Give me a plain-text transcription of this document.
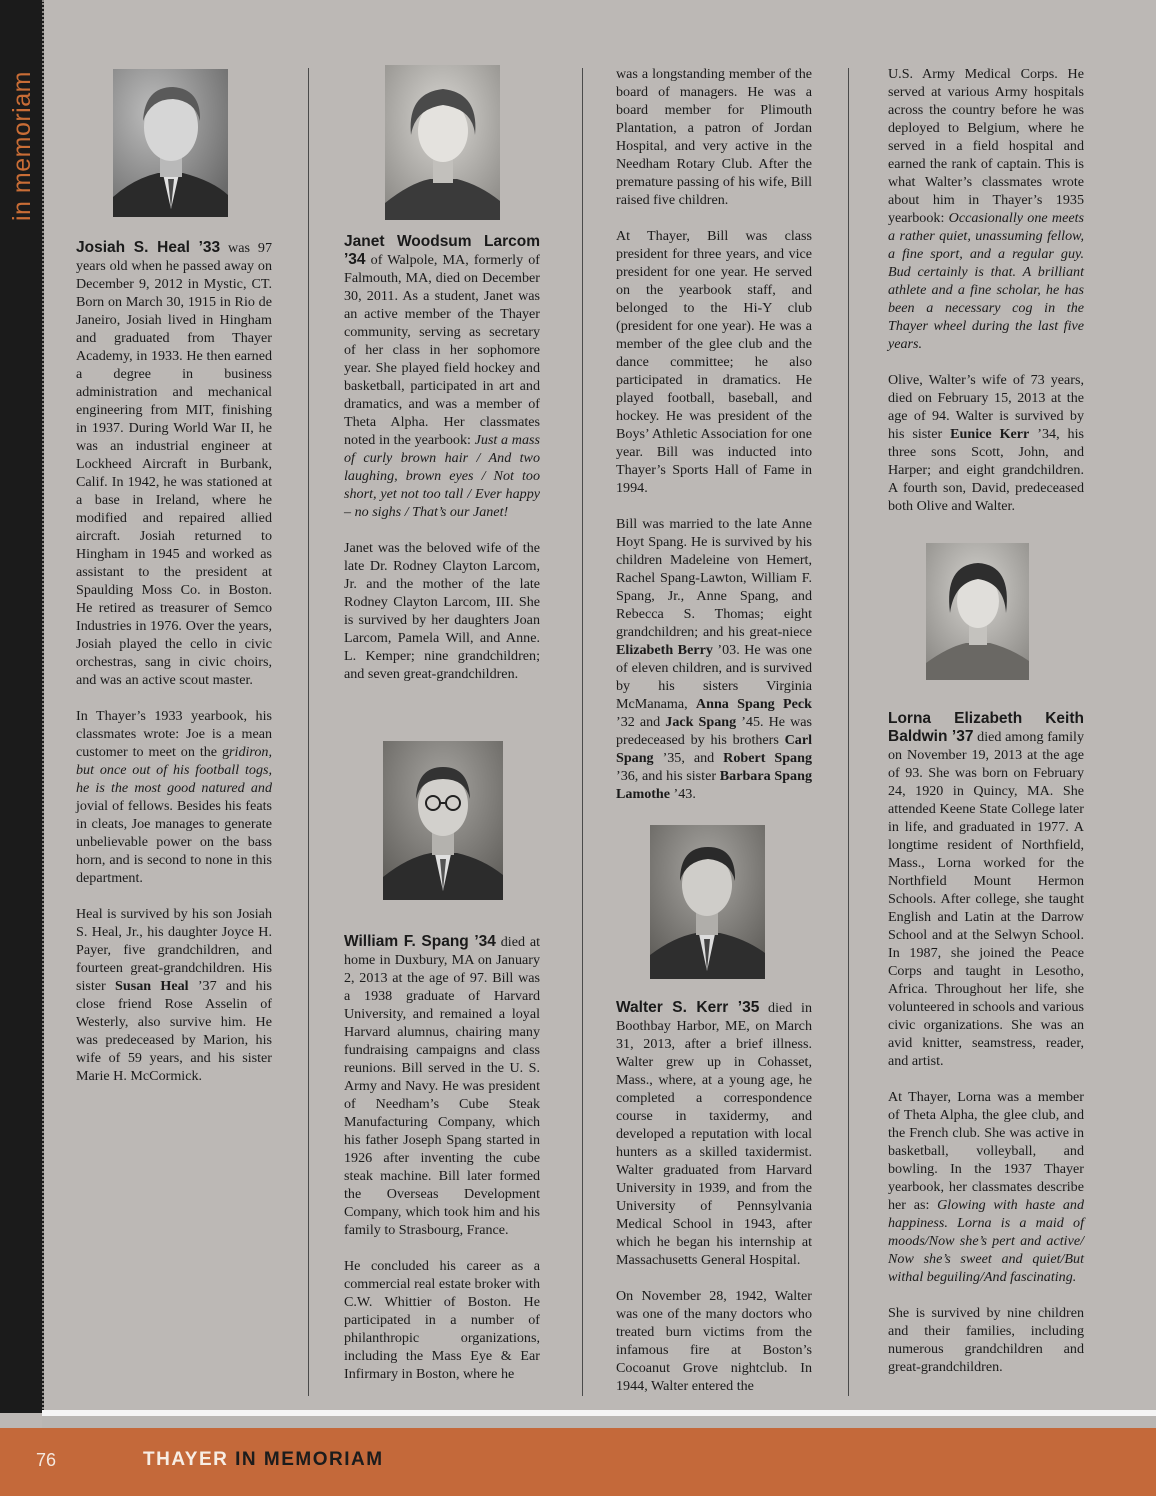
in memoriam

Josiah S. Heal ’33 was 97 years old when he passed away on December 9, 2012 in Mystic, CT. Born on March 30, 1915 in Rio de Janeiro, Josiah lived in Hingham and graduated from Thayer Academy, in 1933. He then earned a degree in business administration and mechanical engineering from MIT, finishing in 1937. During World War II, he was an industrial engineer at Lockheed Aircraft in Burbank, Calif. In 1942, he was stationed at a base in Ireland, where he modified and repaired allied aircraft. Josiah returned to Hingham in 1945 and worked as assistant to the president at Spaulding Moss Co. in Boston. He retired as treasurer of Semco Industries in 1976. Over the years, Josiah played the cello in civic orchestras, sang in civic choirs, and was an active scout master.

In Thayer’s 1933 yearbook, his classmates wrote: Joe is a mean customer to meet on the gridiron, but once out of his football togs, he is the most good natured and jovial of fellows. Besides his feats in cleats, Joe manages to generate unbelievable power on the bass horn, and is second to none in this department.

Heal is survived by his son Josiah S. Heal, Jr., his daughter Joyce H. Payer, five grandchildren, and fourteen great-grandchildren. His sister Susan Heal ’37 and his close friend Rose Asselin of Westerly, also survive him. He was predeceased by Marion, his wife of 59 years, and his sister Marie H. McCormick.

Janet Woodsum Larcom ’34 of Walpole, MA, formerly of Falmouth, MA, died on December 30, 2011. As a student, Janet was an active member of the Thayer community, serving as secretary of her class in her sophomore year. She played field hockey and basketball, participated in art and dramatics, and was a member of Theta Alpha. Her classmates noted in the yearbook: Just a mass of curly brown hair / And two laughing, brown eyes / Not too short, yet not too tall / Ever happy – no sighs / That’s our Janet!

Janet was the beloved wife of the late Dr. Rodney Clayton Larcom, Jr. and the mother of the late Rodney Clayton Larcom, III. She is survived by her daughters Joan Larcom, Pamela Will, and Anne. L. Kemper; nine grandchildren; and seven great-grandchildren.

William F. Spang ’34 died at home in Duxbury, MA on January 2, 2013 at the age of 97. Bill was a 1938 graduate of Harvard University, and remained a loyal Harvard alumnus, chairing many fundraising campaigns and class reunions. Bill served in the U. S. Army and Navy. He was president of Needham’s Cube Steak Manufacturing Company, which his father Joseph Spang started in 1926 after inventing the cube steak machine. Bill later formed the Overseas Development Company, which took him and his family to Strasbourg, France.

He concluded his career as a commercial real estate broker with C.W. Whittier of Boston. He participated in a number of philanthropic organizations, including the Mass Eye & Ear Infirmary in Boston, where he

was a longstanding member of the board of managers. He was a board member for Plimouth Plantation, a patron of Jordan Hospital, and very active in the Needham Rotary Club. After the premature passing of his wife, Bill raised five children.

At Thayer, Bill was class president for three years, and vice president for one year. He served on the yearbook staff, and belonged to the Hi-Y club (president for one year). He was a member of the glee club and the dance committee; he also participated in dramatics. He played football, baseball, and hockey. He was president of the Boys’ Athletic Association for one year. Bill was inducted into Thayer’s Sports Hall of Fame in 1994.

Bill was married to the late Anne Hoyt Spang. He is survived by his children Madeleine von Hemert, Rachel Spang-Lawton, William F. Spang, Jr., Anne Spang, and Rebecca S. Thomas; eight grandchildren; and his great-niece Elizabeth Berry ’03. He was one of eleven children, and is survived by his sisters Virginia McManama, Anna Spang Peck ’32 and Jack Spang ’45. He was predeceased by his brothers Carl Spang ’35, and Robert Spang ’36, and his sister Barbara Spang Lamothe ’43.

Walter S. Kerr ’35 died in Boothbay Harbor, ME, on March 31, 2013, after a brief illness. Walter grew up in Cohasset, Mass., where, at a young age, he completed a correspondence course in taxidermy, and developed a reputation with local hunters as a skilled taxidermist. Walter graduated from Harvard University in 1939, and from the University of Pennsylvania Medical School in 1943, after which he began his internship at Massachusetts General Hospital.

On November 28, 1942, Walter was one of the many doctors who treated burn victims from the infamous fire at Boston’s Cocoanut Grove nightclub. In 1944, Walter entered the

U.S. Army Medical Corps. He served at various Army hospitals across the country before he was deployed to Belgium, where he served in a field hospital and earned the rank of captain. This is what Walter’s classmates wrote about him in Thayer’s 1935 yearbook: Occasionally one meets a rather quiet, unassuming fellow, a fine sport, and a regular guy. Bud certainly is that. A brilliant athlete and a fine scholar, he has been a necessary cog in the Thayer wheel during the last five years.

Olive, Walter’s wife of 73 years, died on February 15, 2013 at the age of 94. Walter is survived by his sister Eunice Kerr ’34, his three sons Scott, John, and Harper; and eight grandchildren. A fourth son, David, predeceased both Olive and Walter.

Lorna Elizabeth Keith Baldwin ’37 died among family on November 19, 2013 at the age of 93. She was born on February 24, 1920 in Quincy, MA. She attended Keene State College later in life, and graduated in 1977. A longtime resident of Northfield, Mass., Lorna worked for the Northfield Mount Hermon Schools. After college, she taught English and Latin at the Darrow School and at the Selwyn School. In 1987, she joined the Peace Corps and taught in Lesotho, Africa. Throughout her life, she volunteered in schools and various civic organizations. She was an avid knitter, seamstress, reader, and artist.

At Thayer, Lorna was a member of Theta Alpha, the glee club, and the French club. She was active in basketball, volleyball, and bowling. In the 1937 Thayer yearbook, her classmates describe her as: Glowing with haste and happiness. Lorna is a maid of moods/Now she’s pert and active/ Now she’s sweet and quiet/But withal beguiling/And fascinating.

She is survived by nine children and their families, including numerous grandchildren and great-grandchildren.

76	THAYER IN MEMORIAM
